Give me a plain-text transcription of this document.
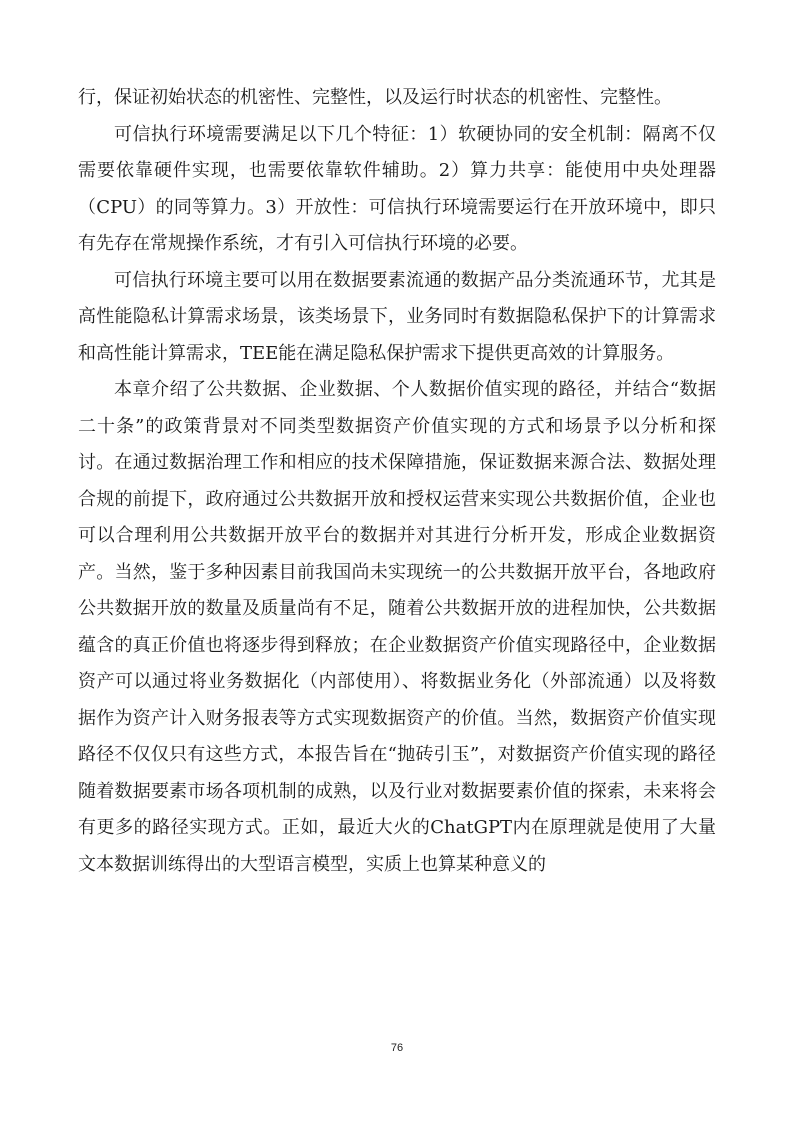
行，保证初始状态的机密性、完整性，以及运行时状态的机密性、完整性。

可信执行环境需要满足以下几个特征：1）软硬协同的安全机制：隔离不仅需要依靠硬件实现，也需要依靠软件辅助。2）算力共享：能使用中央处理器（CPU）的同等算力。3）开放性：可信执行环境需要运行在开放环境中，即只有先存在常规操作系统，才有引入可信执行环境的必要。

可信执行环境主要可以用在数据要素流通的数据产品分类流通环节，尤其是高性能隐私计算需求场景，该类场景下，业务同时有数据隐私保护下的计算需求和高性能计算需求，TEE能在满足隐私保护需求下提供更高效的计算服务。

本章介绍了公共数据、企业数据、个人数据价值实现的路径，并结合“数据二十条”的政策背景对不同类型数据资产价值实现的方式和场景予以分析和探讨。在通过数据治理工作和相应的技术保障措施，保证数据来源合法、数据处理合规的前提下，政府通过公共数据开放和授权运营来实现公共数据价值，企业也可以合理利用公共数据开放平台的数据并对其进行分析开发，形成企业数据资产。当然，鉴于多种因素目前我国尚未实现统一的公共数据开放平台，各地政府公共数据开放的数量及质量尚有不足，随着公共数据开放的进程加快，公共数据蕴含的真正价值也将逐步得到释放；在企业数据资产价值实现路径中，企业数据资产可以通过将业务数据化（内部使用）、将数据业务化（外部流通）以及将数据作为资产计入财务报表等方式实现数据资产的价值。当然，数据资产价值实现路径不仅仅只有这些方式，本报告旨在“抛砖引玉”，对数据资产价值实现的路径随着数据要素市场各项机制的成熟，以及行业对数据要素价值的探索，未来将会有更多的路径实现方式。正如，最近大火的ChatGPT内在原理就是使用了大量文本数据训练得出的大型语言模型，实质上也算某种意义的

76
